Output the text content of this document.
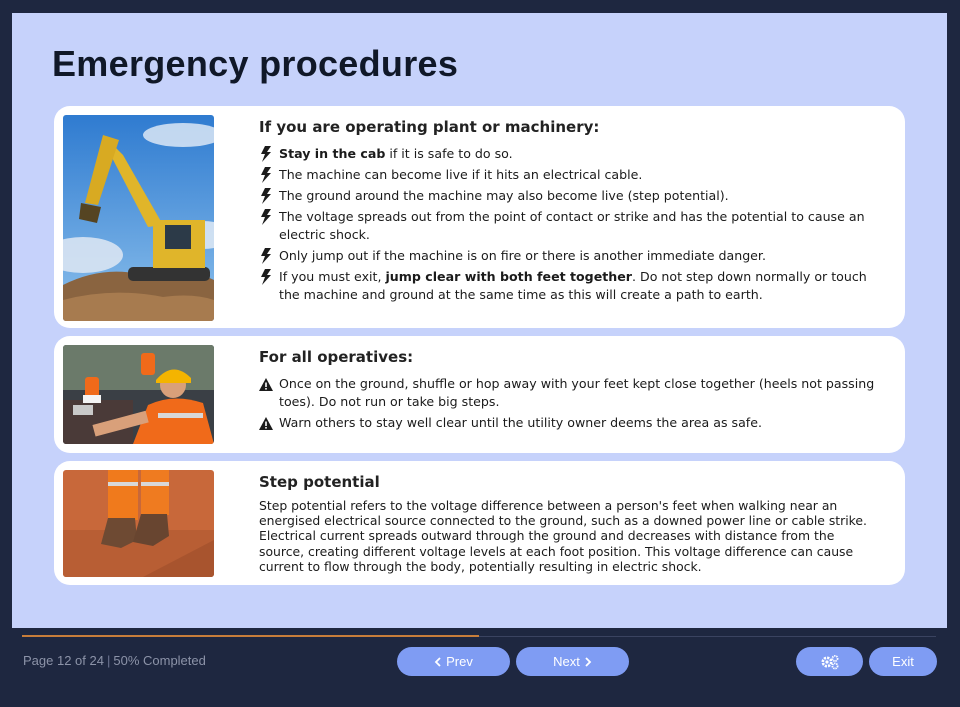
Emergency procedures
If you are operating plant or machinery:
Stay in the cab if it is safe to do so.
The machine can become live if it hits an electrical cable.
The ground around the machine may also become live (step potential).
The voltage spreads out from the point of contact or strike and has the potential to cause an electric shock.
Only jump out if the machine is on fire or there is another immediate danger.
If you must exit, jump clear with both feet together. Do not step down normally or touch the machine and ground at the same time as this will create a path to earth.
For all operatives:
Once on the ground, shuffle or hop away with your feet kept close together (heels not passing toes). Do not run or take big steps.
Warn others to stay well clear until the utility owner deems the area as safe.
Step potential

Step potential refers to the voltage difference between a person's feet when walking near an energised electrical source connected to the ground, such as a downed power line or cable strike. Electrical current spreads outward through the ground and decreases with distance from the source, creating different voltage levels at each foot position. This voltage difference can cause current to flow through the body, potentially resulting in electric shock.

Page 12 of 24 | 50% Completed	Prev	Next	Exit
